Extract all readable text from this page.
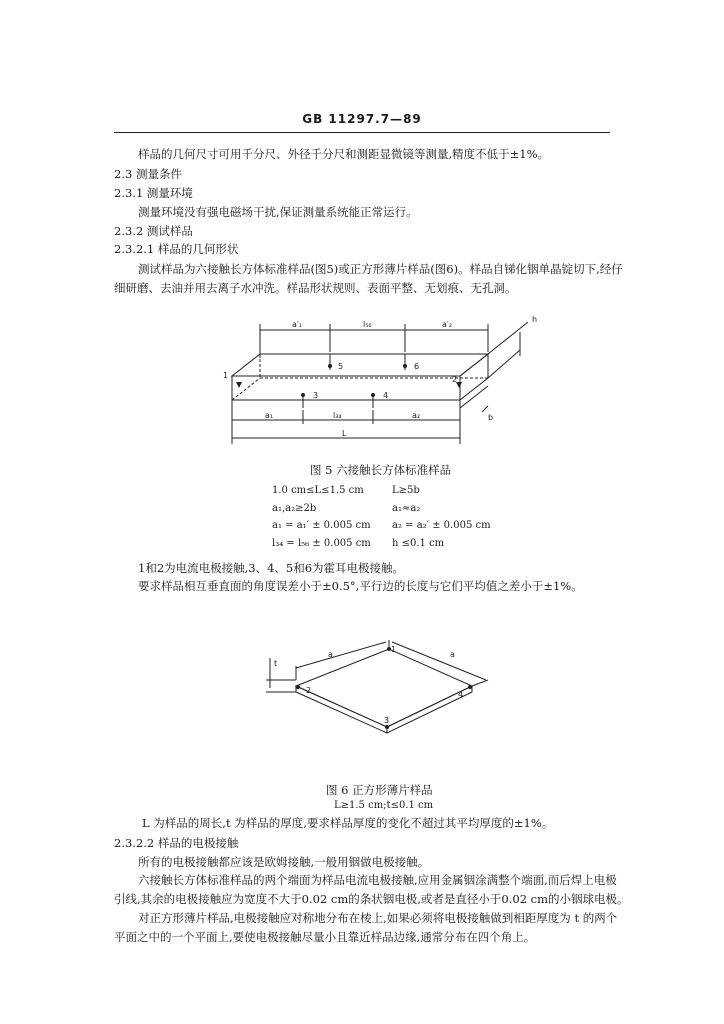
GB 11297.7—89
样品的几何尺寸可用千分尺、外径千分尺和测距显微镜等测量,精度不低于±1%。
2.3 测量条件
2.3.1 测量环境
测量环境没有强电磁场干扰,保证测量系统能正常运行。
2.3.2 测试样品
2.3.2.1 样品的几何形状
测试样品为六接触长方体标准样品(图5)或正方形薄片样品(图6)。样品自锑化铟单晶锭切下,经仔
细研磨、去油并用去离子水冲洗。样品形状规则、表面平整、无划痕、无孔洞。
a′₁	l₅₆	a′₂
h
5	6
1	2
3	4
a₁	l₃₄	a₂	b
L
图 5 六接触长方体标准样品
1.0 cm≤L≤1.5 cm	L≥5b
a₁,a₂≥2b	a₁≈a₂
a₁ = a₁′ ± 0.005 cm a₂ = a₂′ ± 0.005 cm
l₃₄ = l₅₆ ± 0.005 cm h ≤0.1 cm
1和2为电流电极接触,3、4、5和6为霍耳电极接触。
要求样品相互垂直面的角度误差小于±0.5°,平行边的长度与它们平均值之差小于±1%。
a	a
t
1
2
3
4
图 6 正方形薄片样品
L≥1.5 cm;t≤0.1 cm
L 为样品的周长,t 为样品的厚度,要求样品厚度的变化不超过其平均厚度的±1%。
2.3.2.2 样品的电极接触
所有的电极接触都应该是欧姆接触,一般用铟做电极接触。
六接触长方体标准样品的两个端面为样品电流电极接触,应用金属铟涂满整个端面,而后焊上电极
引线,其余的电极接触应为宽度不大于0.02 cm的条状铟电极,或者是直径小于0.02 cm的小铟球电极。
对正方形薄片样品,电极接触应对称地分布在棱上,如果必须将电极接触做到相距厚度为 t 的两个
平面之中的一个平面上,要使电极接触尽量小且靠近样品边缘,通常分布在四个角上。
